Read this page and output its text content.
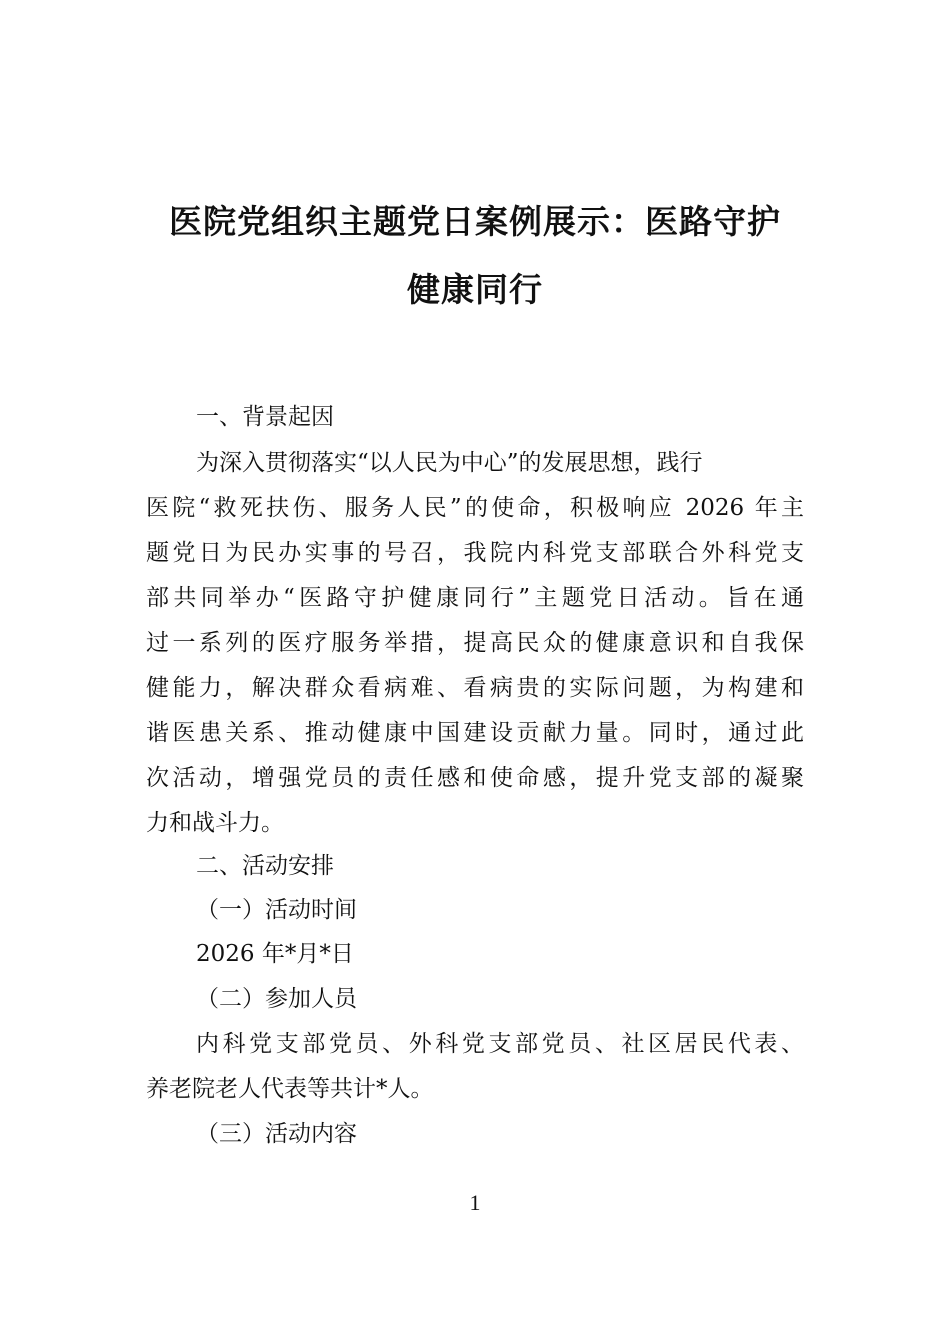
医院党组织主题党日案例展示：医路守护
健康同行
一、背景起因
为深入贯彻落实“以人民为中心”的发展思想，践行
医院“救死扶伤、服务人民”的使命，积极响应 2026 年主
题党日为民办实事的号召，我院内科党支部联合外科党支
部共同举办“医路守护健康同行”主题党日活动。旨在通
过一系列的医疗服务举措，提高民众的健康意识和自我保
健能力，解决群众看病难、看病贵的实际问题，为构建和
谐医患关系、推动健康中国建设贡献力量。同时，通过此
次活动，增强党员的责任感和使命感，提升党支部的凝聚
力和战斗力。
二、活动安排
（一）活动时间
2026 年*月*日
（二）参加人员
内科党支部党员、外科党支部党员、社区居民代表、
养老院老人代表等共计*人。
（三）活动内容
1
